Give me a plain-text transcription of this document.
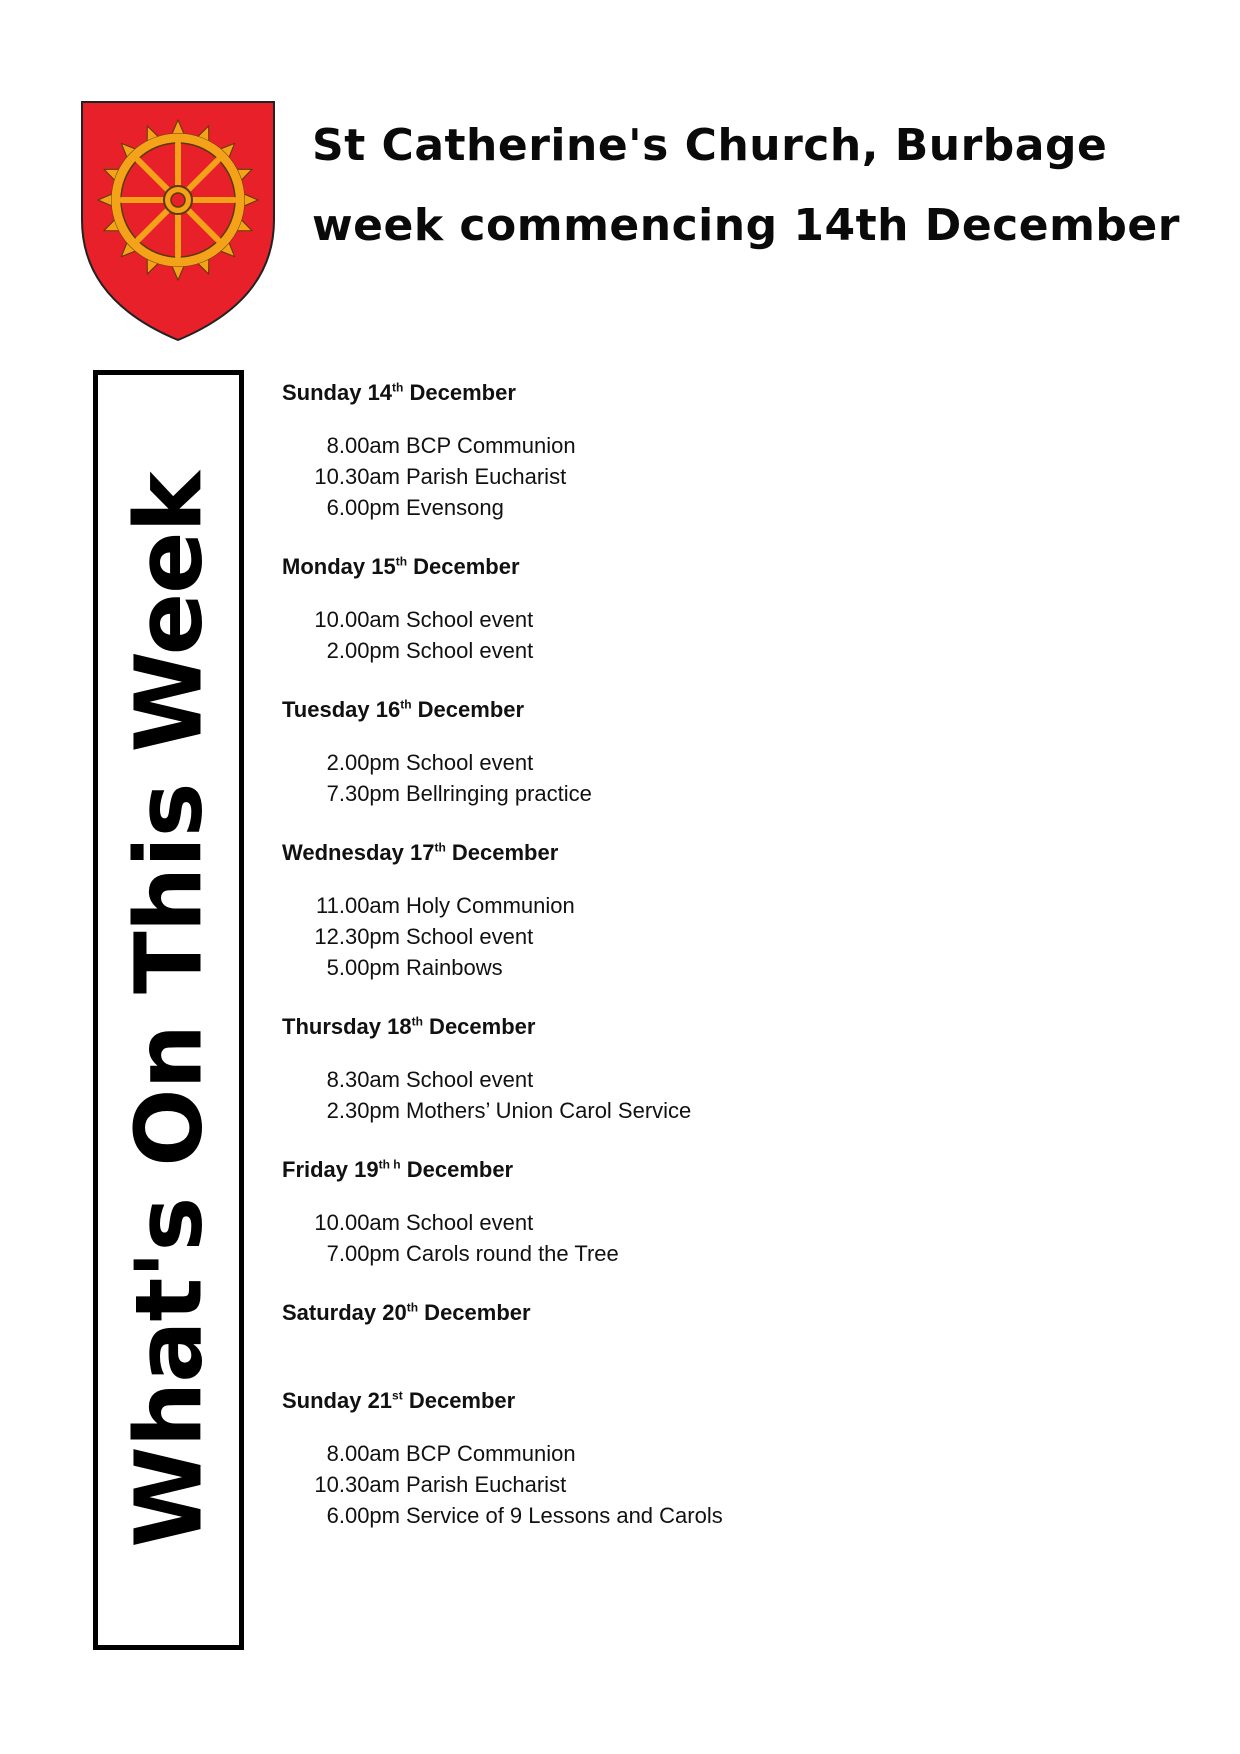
St Catherine's Church, Burbage
week commencing 14th December
What's On This Week
Sunday 14th December
8.00am BCP Communion
10.30am Parish Eucharist
6.00pm Evensong
Monday 15th December
10.00am School event
2.00pm School event
Tuesday 16th December
2.00pm School event
7.30pm Bellringing practice
Wednesday 17th December
11.00am Holy Communion
12.30pm School event
5.00pm Rainbows
Thursday 18th December
8.30am School event
2.30pm Mothers’ Union Carol Service
Friday $19^{th h}$ December
10.00am School event
7.00pm Carols round the Tree
Saturday 20th December
Sunday 21st December
8.00am BCP Communion
10.30am Parish Eucharist
6.00pm Service of 9 Lessons and Carols
